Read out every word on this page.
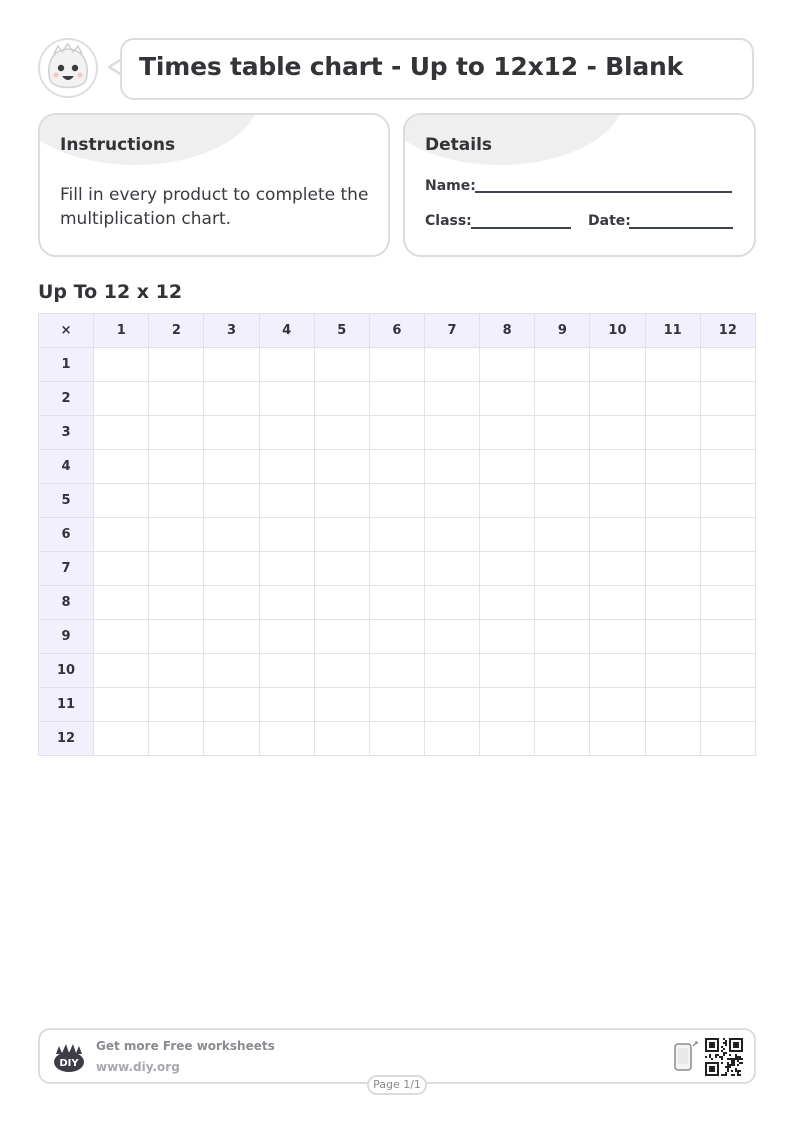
Times table chart - Up to 12x12 - Blank
Instructions
Fill in every product to complete the multiplication chart.
Details
Name:
Class:	Date:
Up To 12 x 12
×	1	2	3	4	5	6	7	8	9	10	11	12
1												
2												
3												
4												
5												
6												
7												
8												
9												
10												
11												
12												
DIY
Get more Free worksheets
www.diy.org
Page 1/1
